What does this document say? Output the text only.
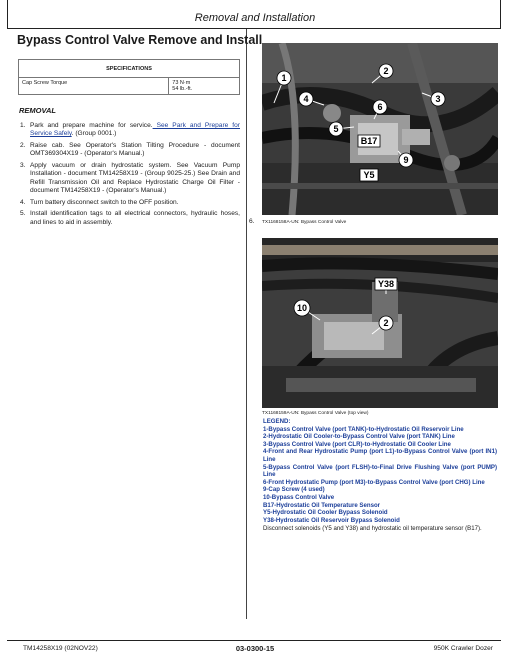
Removal and Installation
Bypass Control Valve Remove and Install
SPECIFICATIONS
Cap Screw Torque	73 N·m
54 lb.-ft.
REMOVAL
1. Park and prepare machine for service. See Park and Prepare for Service Safely. (Group 0001.)
2. Raise cab. See Operator's Station Tilting Procedure - document OMT369304X19 - (Operator's Manual.)
3. Apply vacuum or drain hydrostatic system. See Vacuum Pump Installation - document TM14258X19 - (Group 9025-25.) See Drain and Refill Transmission Oil and Replace Hydrostatic Charge Oil Filter - document TM14258X19 - (Operator's Manual.)
4. Turn battery disconnect switch to the OFF position.
5. Install identification tags to all electrical connectors, hydraulic hoses, and lines to aid in assembly.	6.
1
2
3
4
5
6
9
B17
Y5
TX1168158A-UN: Bypass Control Valve
Y38
10
2
TX1168159A-UN: Bypass Control Valve (top view)
LEGEND:
1-Bypass Control Valve (port TANK)-to-Hydrostatic Oil Reservoir Line
2-Hydrostatic Oil Cooler-to-Bypass Control Valve (port TANK) Line
3-Bypass Control Valve (port CLR)-to-Hydrostatic Oil Cooler Line
4-Front and Rear Hydrostatic Pump (port L1)-to-Bypass Control Valve (port IN1) Line
5-Bypass Control Valve (port FLSH)-to-Final Drive Flushing Valve (port PUMP) Line
6-Front Hydrostatic Pump (port M3)-to-Bypass Control Valve (port CHG) Line
9-Cap Screw (4 used)
10-Bypass Control Valve
B17-Hydrostatic Oil Temperature Sensor
Y5-Hydrostatic Oil Cooler Bypass Solenoid
Y38-Hydrostatic Oil Reservoir Bypass Solenoid
Disconnect solenoids (Y5 and Y38) and hydrostatic oil temperature sensor (B17).
TM14258X19 (02NOV22)	03-0300-15	950K Crawler Dozer
